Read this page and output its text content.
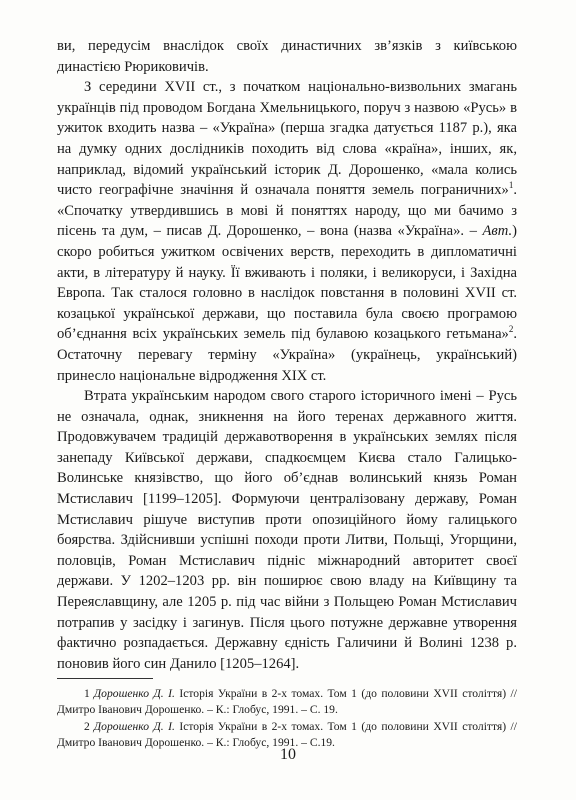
ви, передусім внаслідок своїх династичних зв’язків з київською династією Рюриковичів.

З середини XVII ст., з початком національно-визвольних змагань українців під проводом Богдана Хмельницького, поруч з назвою «Русь» в ужиток входить назва – «Україна» (перша згадка датується 1187 р.), яка на думку одних дослідників походить від слова «країна», інших, як, наприклад, відомий український історик Д. Дорошенко, «мала колись чисто географічне значіння й означала поняття земель пограничних»$^1$. «Спочатку утвердившись в мові й поняттях народу, що ми бачимо з пісень та дум, – писав Д. Дорошенко, – вона (назва «Україна». – Авт.) скоро робиться ужитком освічених верств, переходить в дипломатичні акти, в літературу й науку. Її вживають і поляки, і великоруси, і Західна Европа. Так сталося головно в наслідок повстання в половині XVII ст. козацької української держави, що поставила була своєю програмою об’єднання всіх українських земель під булавою козацького гетьмана»$^2$. Остаточну перевагу терміну «Україна» (українець, український) принесло національне відродження XIX ст.

Втрата українським народом свого старого історичного імені – Русь не означала, однак, зникнення на його теренах державного життя. Продовжувачем традицій державотворення в українських землях після занепаду Київської держави, спадкоємцем Києва стало Галицько-Волинське князівство, що його об’єднав волинський князь Роман Мстиславич [1199–1205]. Формуючи централізовану державу, Роман Мстиславич рішуче виступив проти опозиційного йому галицького боярства. Здійснивши успішні походи проти Литви, Польщі, Угорщини, половців, Роман Мстиславич підніс міжнародний авторитет своєї держави. У 1202–1203 рр. він поширює свою владу на Київщину та Переяславщину, але 1205 р. під час війни з Польщею Роман Мстиславич потрапив у засідку і загинув. Після цього потужне державне утворення фактично розпадається. Державну єдність Галичини й Волині 1238 р. поновив його син Данило [1205–1264].

1 Дорошенко Д. І. Історія України в 2-х томах. Том 1 (до половини XVII століття) // Дмитро Іванович Дорошенко. – К.: Глобус, 1991. – С. 19.

2 Дорошенко Д. І. Історія України в 2-х томах. Том 1 (до половини XVII століття) // Дмитро Іванович Дорошенко. – К.: Глобус, 1991. – С.19.

10
